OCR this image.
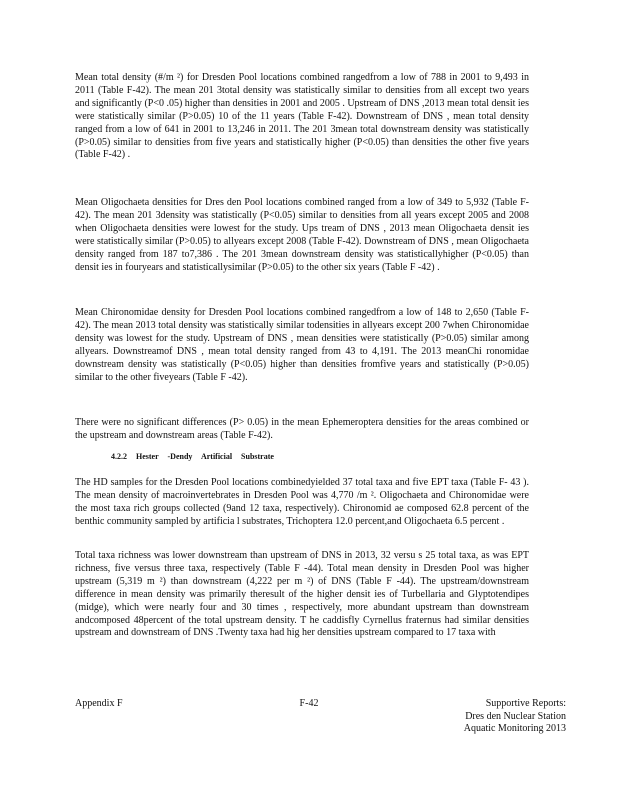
Mean total density (#/m ²) for Dresden Pool locations combined rangedfrom a low of 788 in 2001 to 9,493 in 2011 (Table F-42). The mean 201 3total density was statistically similar to densities from all except two years and significantly (P<0 .05) higher than densities in 2001 and 2005 . Upstream of DNS ,2013 mean total densit ies were statistically similar (P>0.05) 10 of the 11 years (Table F-42). Downstream of DNS , mean total density ranged from a low of 641 in 2001 to 13,246 in 2011. The 201 3mean total downstream density was statistically (P>0.05) similar to densities from five years and statistically higher (P<0.05) than densities the other five years (Table F-42) .

Mean Oligochaeta densities for Dres den Pool locations combined ranged from a low of 349 to 5,932 (Table F-42). The mean 201 3density was statistically (P<0.05) similar to densities from all years except 2005 and 2008 when Oligochaeta densities were lowest for the study. Ups tream of DNS , 2013 mean Oligochaeta densit ies were statistically similar (P>0.05) to allyears except 2008 (Table F-42). Downstream of DNS , mean Oligochaeta density ranged from 187 to7,386 . The 201 3mean downstream density was statisticallyhigher (P<0.05) than densit ies in fouryears and statisticallysimilar (P>0.05) to the other six years (Table F -42) .

Mean Chironomidae density for Dresden Pool locations combined rangedfrom a low of 148 to 2,650 (Table F-42). The mean 2013 total density was statistically similar todensities in allyears except 200 7when Chironomidae density was lowest for the study. Upstream of DNS , mean densities were statistically (P>0.05) similar among allyears. Downstreamof DNS , mean total density ranged from 43 to 4,191. The 2013 meanChi ronomidae downstream density was statistically (P<0.05) higher than densities fromfive years and statistically (P>0.05) similar to the other fiveyears (Table F -42).

There were no significant differences (P> 0.05) in the mean Ephemeroptera densities for the areas combined or the upstream and downstream areas (Table F-42).

4.2.2 Hester -Dendy Artificial Substrate

The HD samples for the Dresden Pool locations combinedyielded 37 total taxa and five EPT taxa (Table F- 43 ). The mean density of macroinvertebrates in Dresden Pool was 4,770 /m ². Oligochaeta and Chironomidae were the most taxa rich groups collected (9and 12 taxa, respectively). Chironomid ae composed 62.8 percent of the benthic community sampled by artificia l substrates, Trichoptera 12.0 percent,and Oligochaeta 6.5 percent .

Total taxa richness was lower downstream than upstream of DNS in 2013, 32 versu s 25 total taxa, as was EPT richness, five versus three taxa, respectively (Table F -44). Total mean density in Dresden Pool was higher upstream (5,319 m ²) than downstream (4,222 per m ²) of DNS (Table F -44). The upstream/downstream difference in mean density was primarily theresult of the higher densit ies of Turbellaria and Glyptotendipes (midge), which were nearly four and 30 times , respectively, more abundant upstream than downstream andcomposed 48percent of the total upstream density. T he caddisfly Cyrnellus fraternus had similar densities upstream and downstream of DNS .Twenty taxa had hig her densities upstream compared to 17 taxa with

Appendix F	F-42	Supportive Reports:
Dres den Nuclear Station
Aquatic Monitoring 2013
